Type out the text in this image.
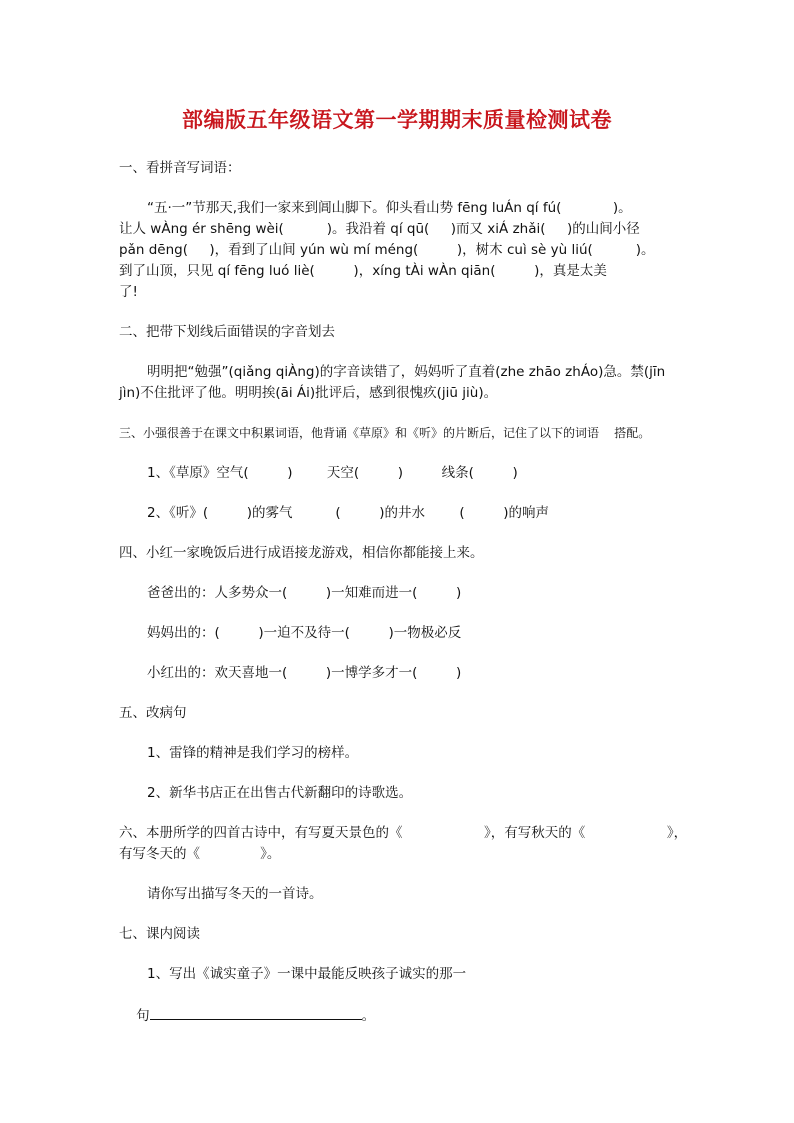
部编版五年级语文第一学期期末质量检测试卷
一、看拼音写词语：
“五·一”节那天,我们一家来到阊山脚下。仰头看山势 fēng luÁn qí fú(            )。
让人 wÀng ér shēng wèi(          )。我沿着 qí qū(     )而又 xiÁ zhǎi(     )的山间小径
pǎn dēng(     )，看到了山间 yún wù mí méng(         )，树木 cuì sè yù liú(          )。
到了山顶，只见 qí fēng luó liè(         )，xíng tÀi wÀn qiān(         )，真是太美
了!
二、把带下划线后面错误的字音划去
明明把“勉强”(qiǎng qiÀng)的字音读错了，妈妈听了直着(zhe zhāo zhÁo)急。禁(jīn
jìn)不住批评了他。明明挨(āi Ái)批评后，感到很愧疚(jiū jiù)。
三、小强很善于在课文中积累词语，他背诵《草原》和《听》的片断后，记住了以下的词语    搭配。
1、《草原》空气(         )        天空(         )         线条(         )
2、《听》(         )的雾气          (         )的井水        (         )的响声
四、小红一家晚饭后进行成语接龙游戏，相信你都能接上来。
爸爸出的：人多势众一(         )一知难而进一(         )
妈妈出的：(         )一迫不及待一(         )一物极必反
小红出的：欢天喜地一(         )一博学多才一(         )
五、改病句
1、雷锋的精神是我们学习的榜样。
2、新华书店正在出售古代新翻印的诗歌选。
六、本册所学的四首古诗中，有写夏天景色的《                   》，有写秋天的《                   》，
有写冬天的《              》。
请你写出描写冬天的一首诗。
七、课内阅读
1、写出《诚实童子》一课中最能反映孩子诚实的那一

句	。
